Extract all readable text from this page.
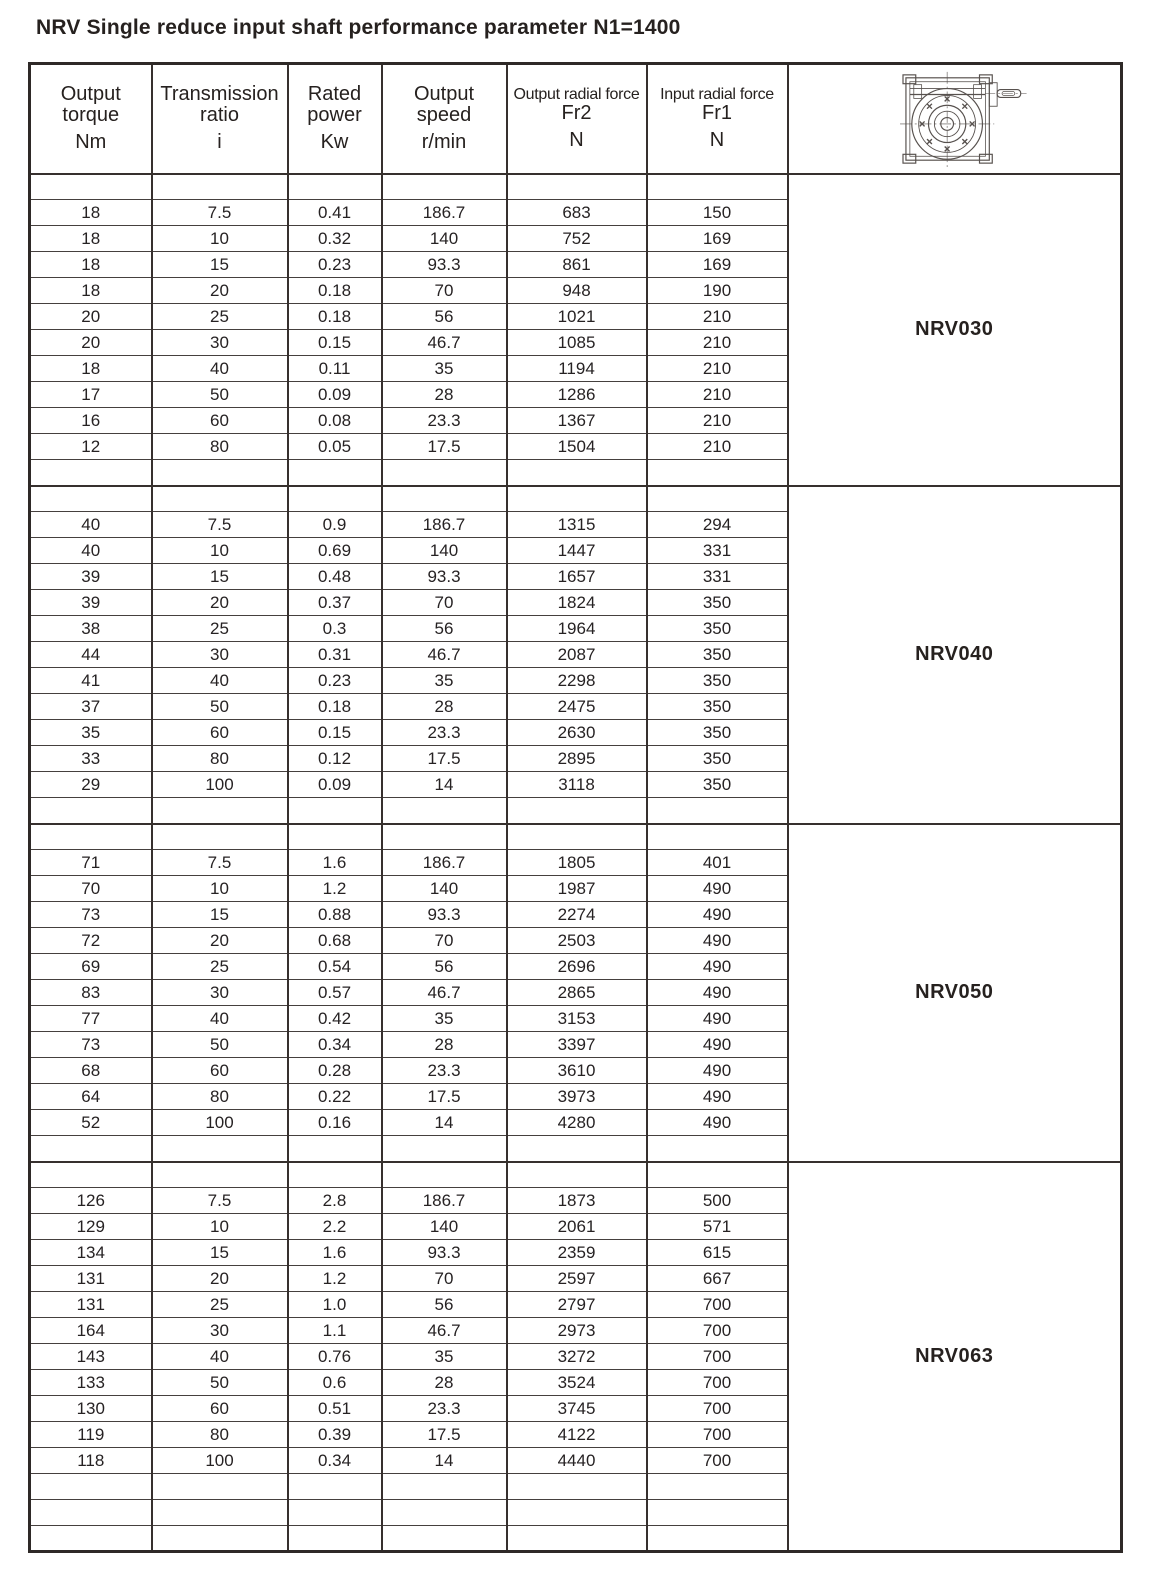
NRV Single reduce input shaft performance parameter N1=1400
Output
torque
Nm	Transmission
ratio
i	Rated
power
Kw	Output
speed
r/min	Output radial force
Fr2
N	Input radial force
Fr1
N

						NRV030

18	7.5	0.41	186.7	683	150	
18	10	0.32	140	752	169	
18	15	0.23	93.3	861	169	
18	20	0.18	70	948	190	
20	25	0.18	56	1021	210	
20	30	0.15	46.7	1085	210	
18	40	0.11	35	1194	210	
17	50	0.09	28	1286	210	
16	60	0.08	23.3	1367	210	
12	80	0.05	17.5	1504	210	

						NRV040

40	7.5	0.9	186.7	1315	294	
40	10	0.69	140	1447	331	
39	15	0.48	93.3	1657	331	
39	20	0.37	70	1824	350	
38	25	0.3	56	1964	350	
44	30	0.31	46.7	2087	350	
41	40	0.23	35	2298	350	
37	50	0.18	28	2475	350	
35	60	0.15	23.3	2630	350	
33	80	0.12	17.5	2895	350	
29	100	0.09	14	3118	350	

						NRV050

71	7.5	1.6	186.7	1805	401	
70	10	1.2	140	1987	490	
73	15	0.88	93.3	2274	490	
72	20	0.68	70	2503	490	
69	25	0.54	56	2696	490	
83	30	0.57	46.7	2865	490	
77	40	0.42	35	3153	490	
73	50	0.34	28	3397	490	
68	60	0.28	23.3	3610	490	
64	80	0.22	17.5	3973	490	
52	100	0.16	14	4280	490	

						NRV063

126	7.5	2.8	186.7	1873	500	
129	10	2.2	140	2061	571	
134	15	1.6	93.3	2359	615	
131	20	1.2	70	2597	667	
131	25	1.0	56	2797	700	
164	30	1.1	46.7	2973	700	
143	40	0.76	35	3272	700	
133	50	0.6	28	3524	700	
130	60	0.51	23.3	3745	700	
119	80	0.39	17.5	4122	700	
118	100	0.34	14	4440	700	
